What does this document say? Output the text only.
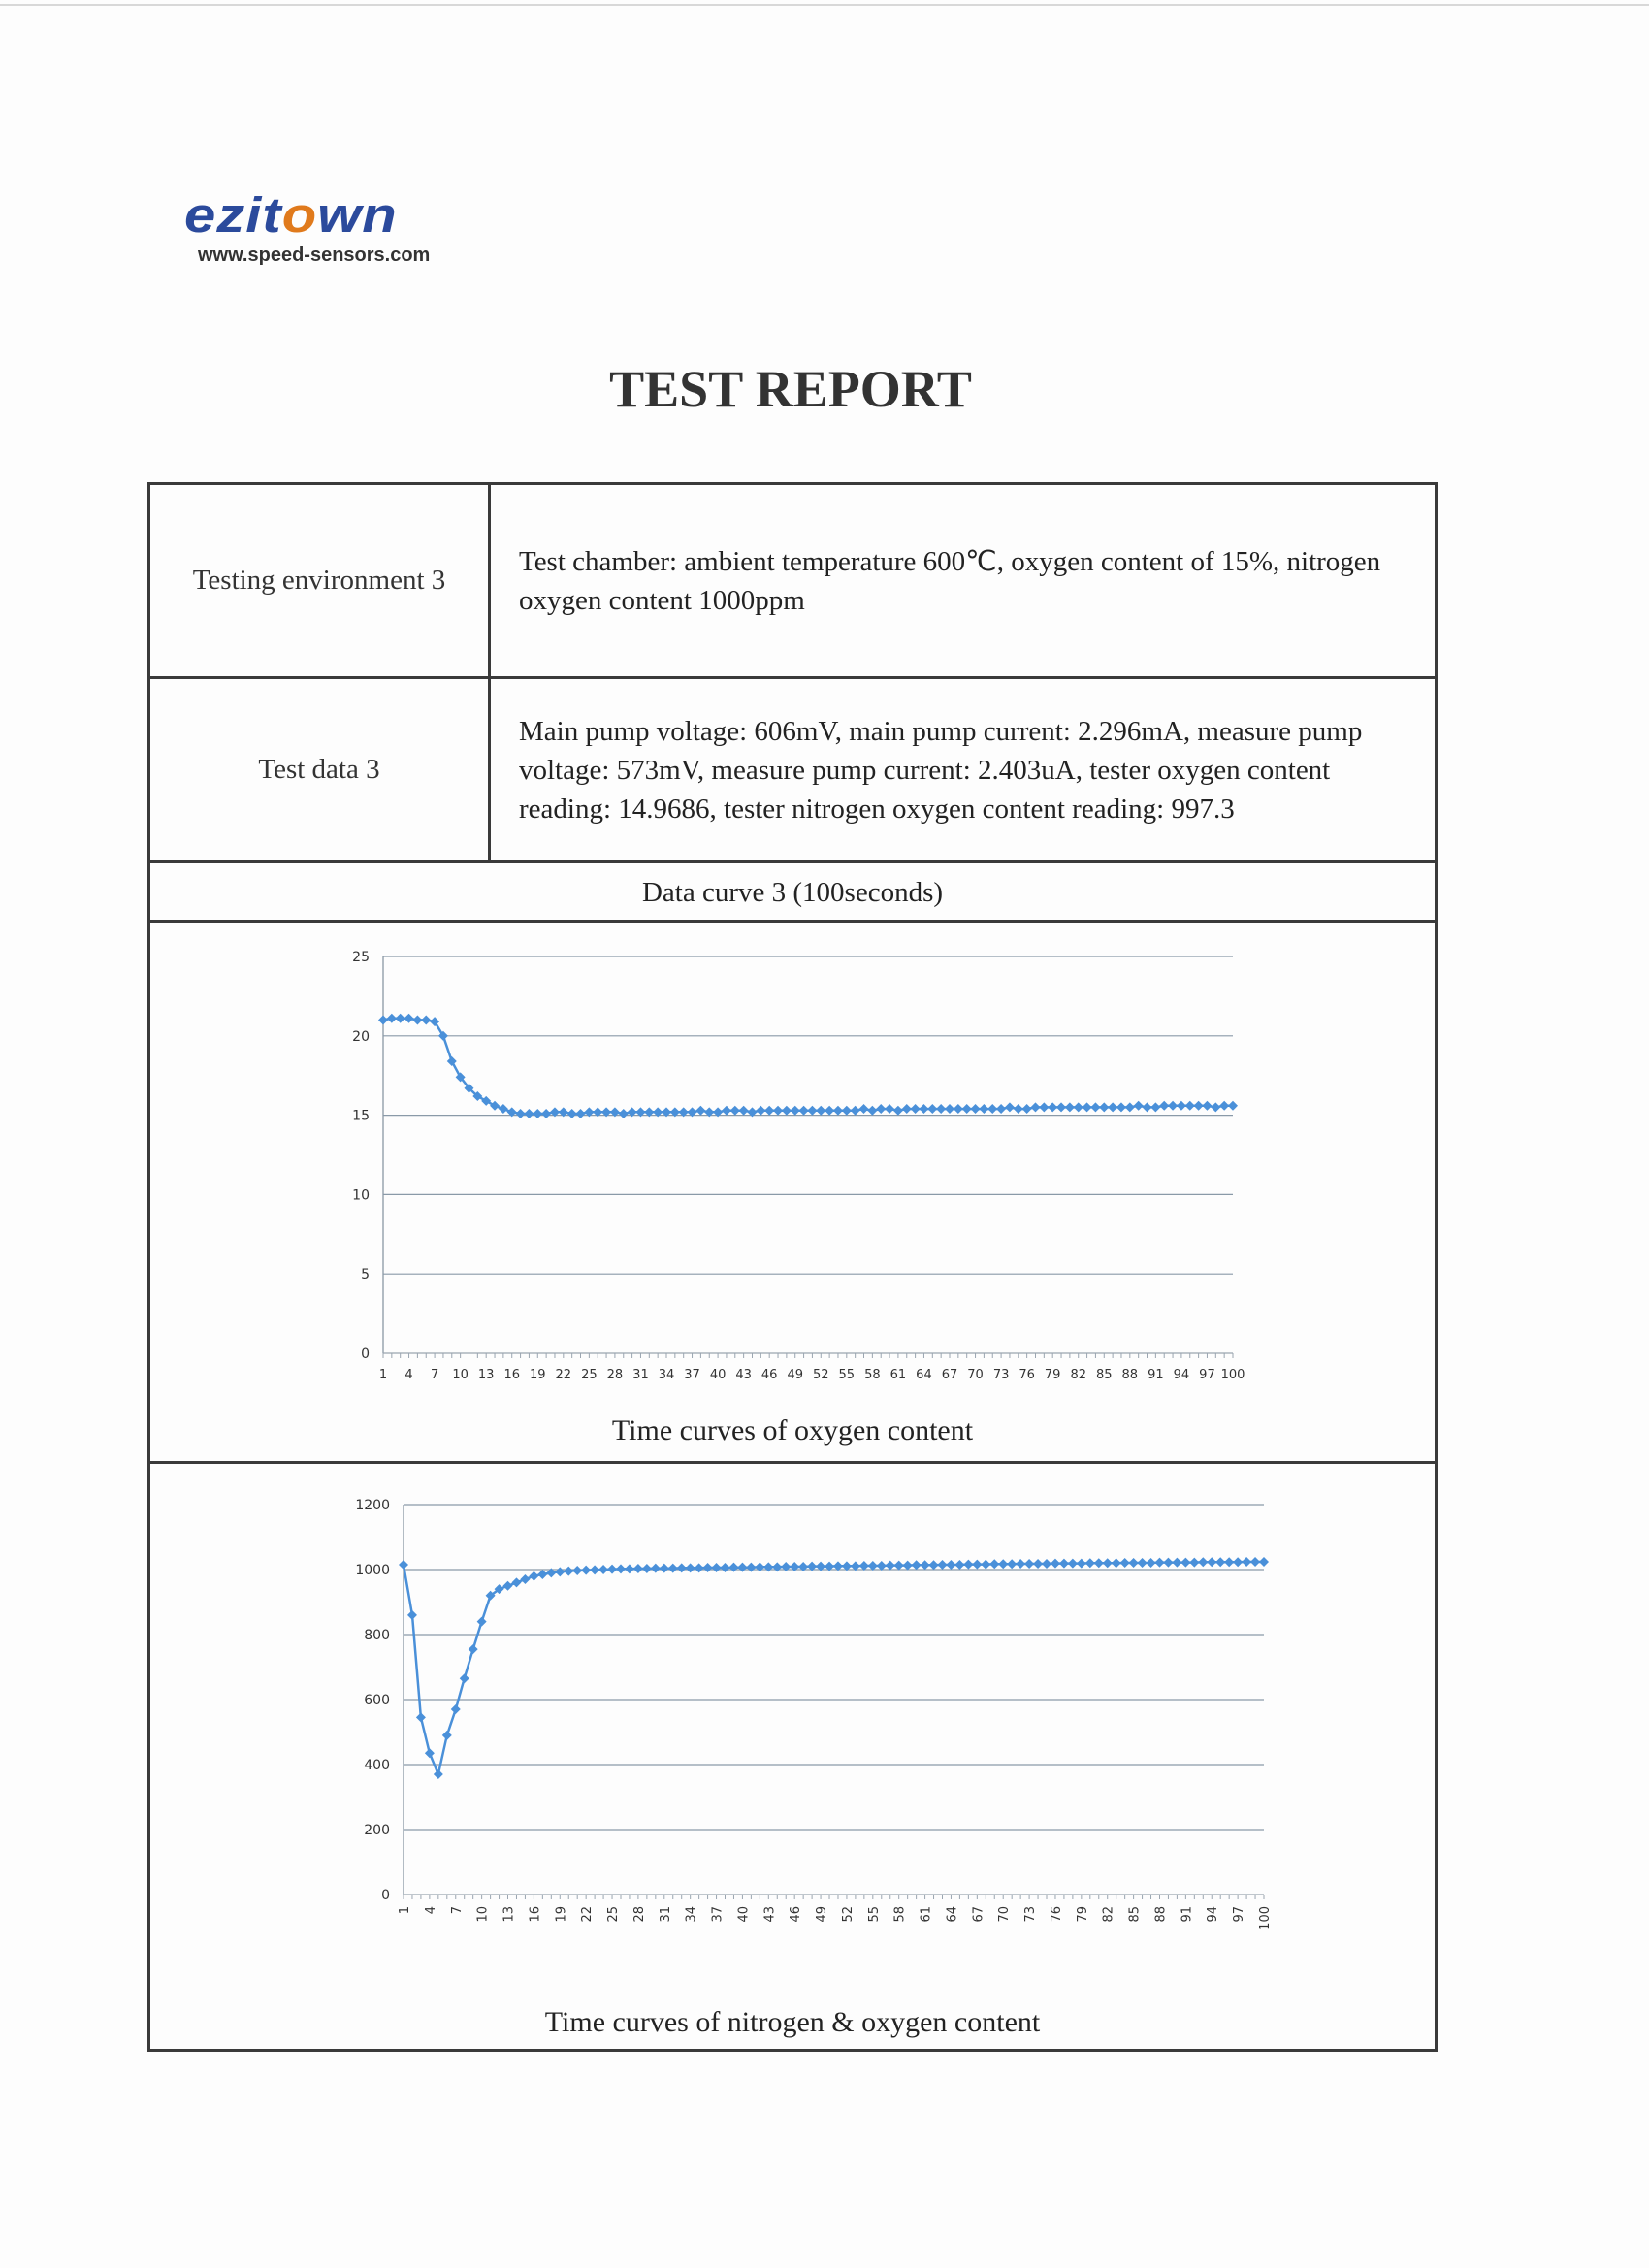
ezitown
www.speed-sensors.com
TEST REPORT
Testing environment 3
Test chamber: ambient temperature 600℃, oxygen content of 15%, nitrogen oxygen content 1000ppm
Test data 3
Main pump voltage: 606mV, main pump current: 2.296mA, measure pump voltage: 573mV, measure pump current: 2.403uA, tester oxygen content reading: 14.9686, tester nitrogen oxygen content reading: 997.3
Data curve 3 (100seconds)
0
5
10
15
20
25
1 4 7 10 13 16 19 22 25 28 31 34 37 40 43 46 49 52 55 58 61 64 67 70 73 76 79 82 85 88 91 94 97 100
Time curves of oxygen content
0
200
400
600
800
1000
1200
1 4 7 10 13 16 19 22 25 28 31 34 37 40 43 46 49 52 55 58 61 64 67 70 73 76 79 82 85 88 91 94 97 100
Time curves of nitrogen & oxygen content
